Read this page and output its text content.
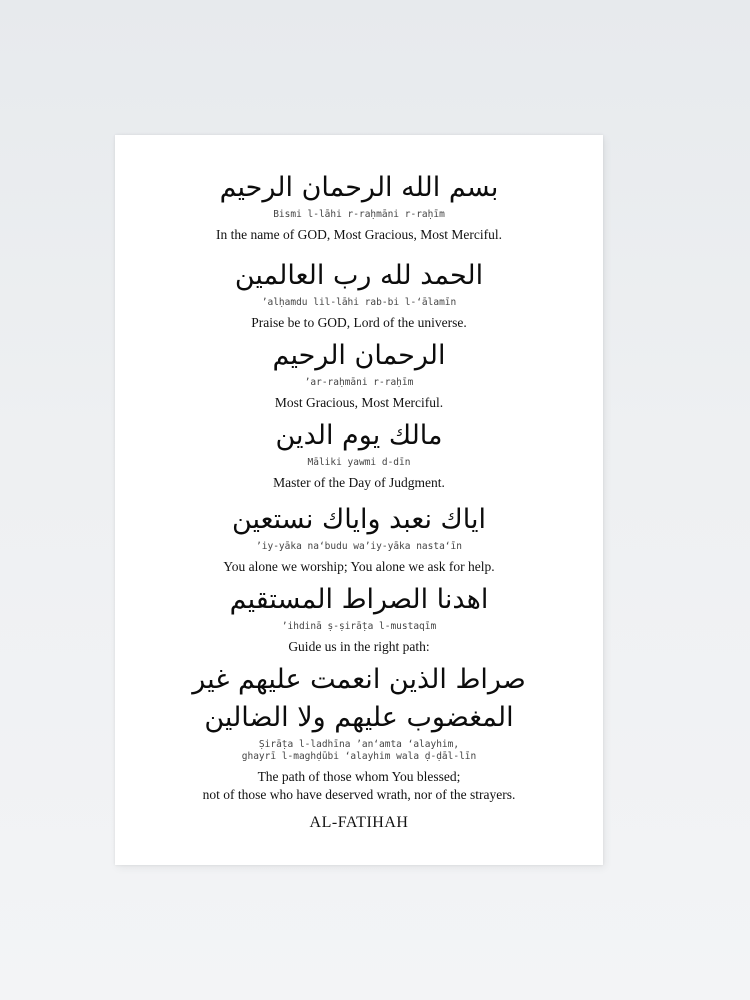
بسم الله الرحمان الرحيم
Bismi l-lāhi r-raḥmāni r-raḥīm
In the name of GOD, Most Gracious, Most Merciful.
الحمد لله رب العالمين
ʼalḥamdu lil-lāhi rab-bi l-ʻālamīn
Praise be to GOD, Lord of the universe.
الرحمان الرحيم
ʼar-raḥmāni r-raḥīm
Most Gracious, Most Merciful.
مالك يوم الدين
Māliki yawmi d-dīn
Master of the Day of Judgment.
اياك نعبد واياك نستعين
ʼiy-yāka naʻbudu waʼiy-yāka nastaʻīn
You alone we worship; You alone we ask for help.
اهدنا الصراط المستقيم
ʼihdinā ṣ-ṣirāṭa l-mustaqīm
Guide us in the right path:
صراط الذين انعمت عليهم غير
المغضوب عليهم ولا الضالين
Ṣirāṭa l-ladhīna ʼanʻamta ʻalayhim,
ghayrī l-maghḍūbi ʻalayhim wala ḍ-ḍāl-līn
The path of those whom You blessed;
not of those who have deserved wrath, nor of the strayers.
AL-FATIHAH
